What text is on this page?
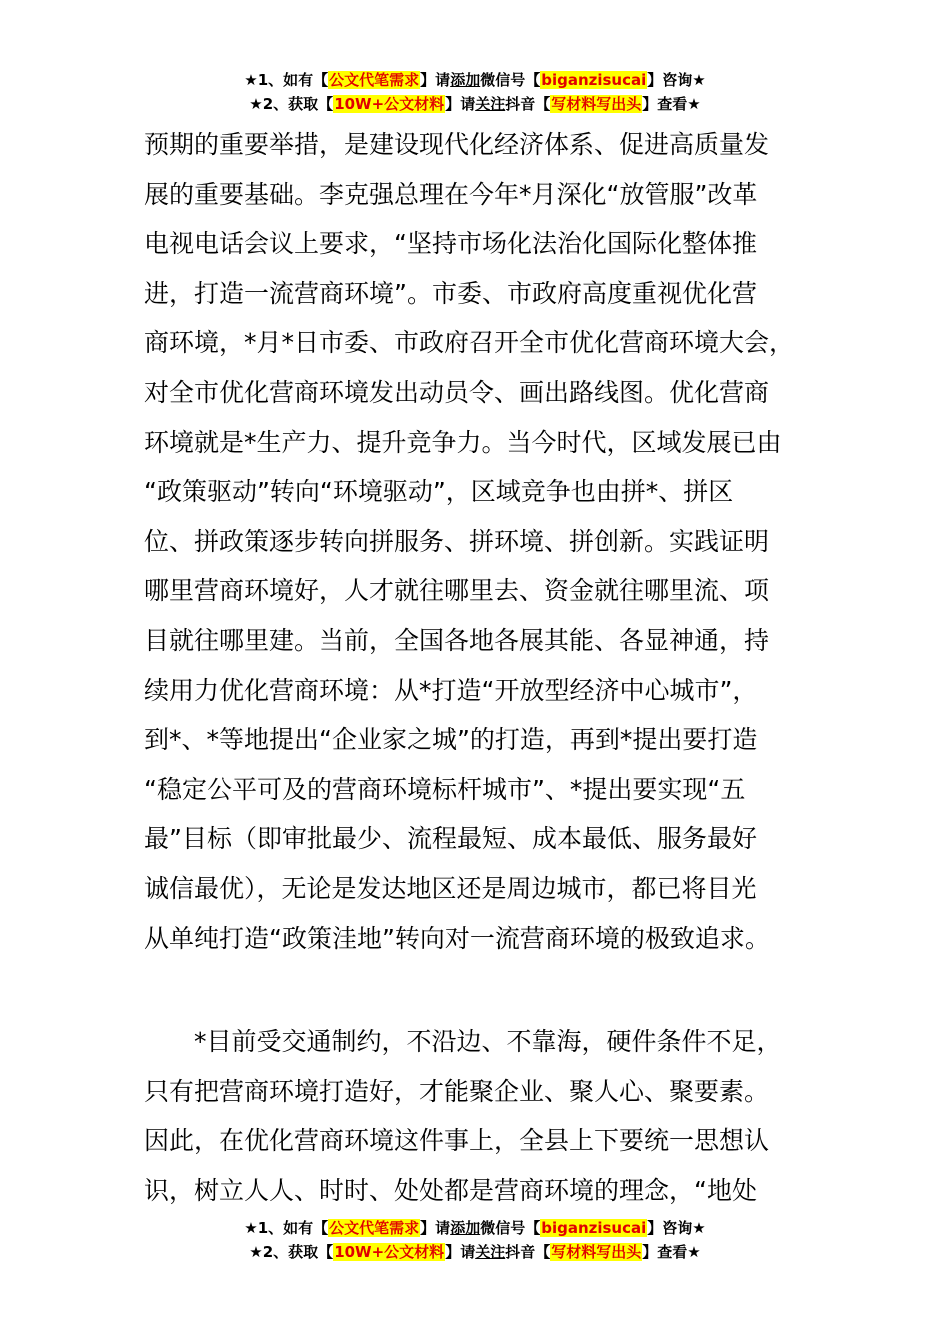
★1、如有【公文代笔需求】请添加微信号【biganzisucai】咨询★
★2、获取【10W+公文材料】请关注抖音【写材料写出头】查看★
预期的重要举措，是建设现代化经济体系、促进高质量发
展的重要基础。李克强总理在今年*月深化“放管服”改革
电视电话会议上要求，“坚持市场化法治化国际化整体推
进，打造一流营商环境”。市委、市政府高度重视优化营
商环境，*月*日市委、市政府召开全市优化营商环境大会，
对全市优化营商环境发出动员令、画出路线图。优化营商
环境就是*生产力、提升竞争力。当今时代，区域发展已由
“政策驱动”转向“环境驱动”，区域竞争也由拼*、拼区
位、拼政策逐步转向拼服务、拼环境、拼创新。实践证明
哪里营商环境好，人才就往哪里去、资金就往哪里流、项
目就往哪里建。当前，全国各地各展其能、各显神通，持
续用力优化营商环境：从*打造“开放型经济中心城市”，
到*、*等地提出“企业家之城”的打造，再到*提出要打造
“稳定公平可及的营商环境标杆城市”、*提出要实现“五
最”目标（即审批最少、流程最短、成本最低、服务最好
诚信最优），无论是发达地区还是周边城市，都已将目光
从单纯打造“政策洼地”转向对一流营商环境的极致追求。
　　*目前受交通制约，不沿边、不靠海，硬件条件不足，
只有把营商环境打造好，才能聚企业、聚人心、聚要素。
因此，在优化营商环境这件事上，全县上下要统一思想认
识，树立人人、时时、处处都是营商环境的理念，“地处
★1、如有【公文代笔需求】请添加微信号【biganzisucai】咨询★
★2、获取【10W+公文材料】请关注抖音【写材料写出头】查看★
